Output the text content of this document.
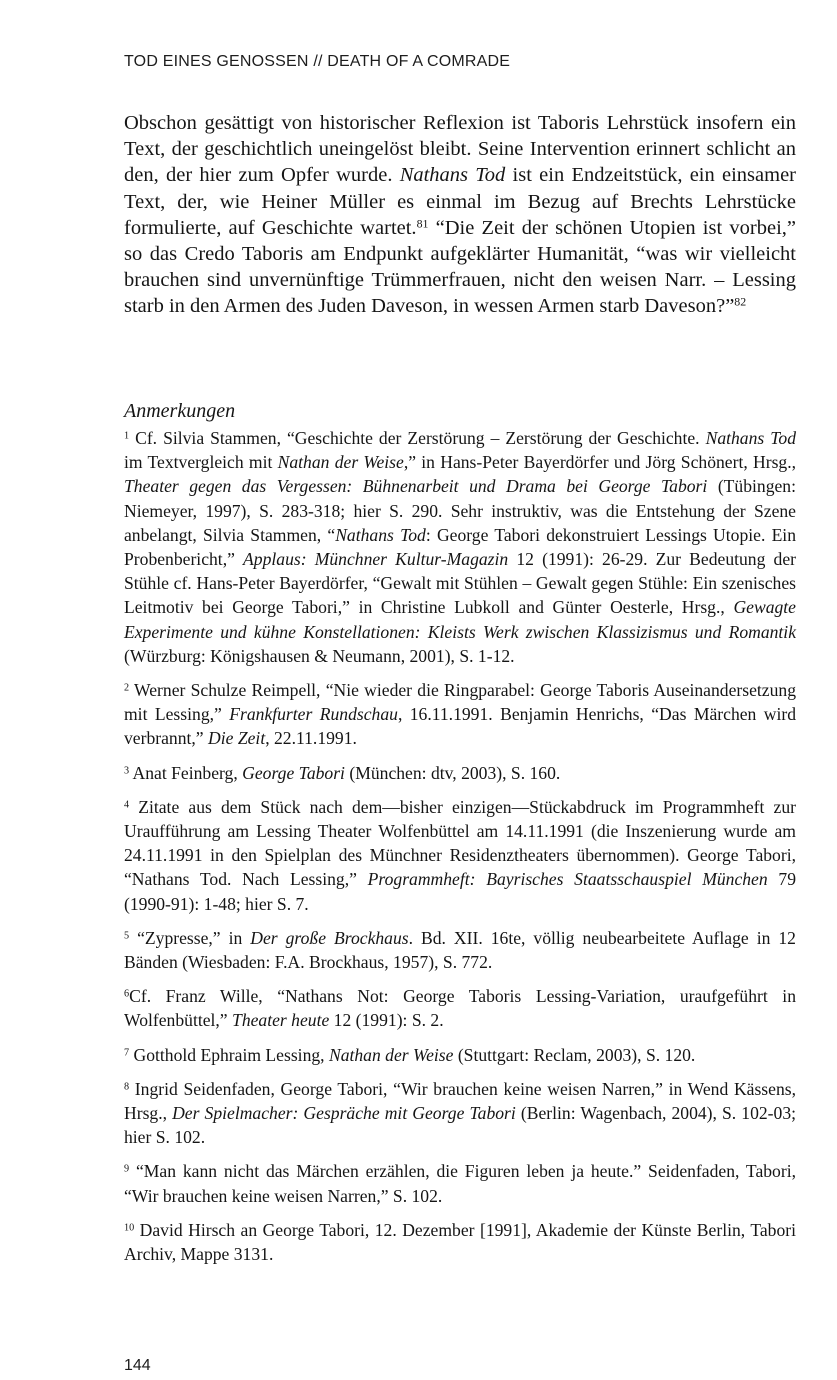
TOD EINES GENOSSEN // DEATH OF A COMRADE

Obschon gesättigt von historischer Reflexion ist Taboris Lehrstück insofern ein Text, der geschichtlich uneingelöst bleibt. Seine Intervention erinnert schlicht an den, der hier zum Opfer wurde. Nathans Tod ist ein Endzeitstück, ein einsamer Text, der, wie Heiner Müller es einmal im Bezug auf Brechts Lehrstücke formulierte, auf Geschichte wartet.$^{81}$ “Die Zeit der schönen Utopien ist vorbei,” so das Credo Taboris am Endpunkt aufgeklärter Humanität, “was wir vielleicht brauchen sind unvernünftige Trümmerfrauen, nicht den weisen Narr. – Lessing starb in den Armen des Juden Daveson, in wessen Armen starb Daveson?”$^{82}$

Anmerkungen

$^1$ Cf. Silvia Stammen, “Geschichte der Zerstörung – Zerstörung der Geschichte. Nathans Tod im Textvergleich mit Nathan der Weise,” in Hans-Peter Bayerdörfer und Jörg Schönert, Hrsg., Theater gegen das Vergessen: Bühnenarbeit und Drama bei George Tabori (Tübingen: Niemeyer, 1997), S. 283-318; hier S. 290. Sehr instruktiv, was die Entstehung der Szene anbelangt, Silvia Stammen, “Nathans Tod: George Tabori dekonstruiert Lessings Utopie. Ein Probenbericht,” Applaus: Münchner Kultur-Magazin 12 (1991): 26-29. Zur Bedeutung der Stühle cf. Hans-Peter Bayerdörfer, “Gewalt mit Stühlen – Gewalt gegen Stühle: Ein szenisches Leitmotiv bei George Tabori,” in Christine Lubkoll and Günter Oesterle, Hrsg., Gewagte Experimente und kühne Konstellationen: Kleists Werk zwischen Klassizismus und Romantik (Würzburg: Königshausen & Neumann, 2001), S. 1-12.

$^2$ Werner Schulze Reimpell, “Nie wieder die Ringparabel: George Taboris Auseinandersetzung mit Lessing,” Frankfurter Rundschau, 16.11.1991. Benjamin Henrichs, “Das Märchen wird verbrannt,” Die Zeit, 22.11.1991.

$^3$ Anat Feinberg, George Tabori (München: dtv, 2003), S. 160.

$^4$ Zitate aus dem Stück nach dem—bisher einzigen—Stückabdruck im Programmheft zur Uraufführung am Lessing Theater Wolfenbüttel am 14.11.1991 (die Inszenierung wurde am 24.11.1991 in den Spielplan des Münchner Residenztheaters übernommen). George Tabori, “Nathans Tod. Nach Lessing,” Programmheft: Bayrisches Staatsschauspiel München 79 (1990-91): 1-48; hier S. 7.

$^5$ “Zypresse,” in Der große Brockhaus. Bd. XII. 16te, völlig neubearbeitete Auflage in 12 Bänden (Wiesbaden: F.A. Brockhaus, 1957), S. 772.

$^6$Cf. Franz Wille, “Nathans Not: George Taboris Lessing-Variation, uraufgeführt in Wolfenbüttel,” Theater heute 12 (1991): S. 2.

$^7$ Gotthold Ephraim Lessing, Nathan der Weise (Stuttgart: Reclam, 2003), S. 120.

$^8$ Ingrid Seidenfaden, George Tabori, “Wir brauchen keine weisen Narren,” in Wend Kässens, Hrsg., Der Spielmacher: Gespräche mit George Tabori (Berlin: Wagenbach, 2004), S. 102-03; hier S. 102.

$^9$ “Man kann nicht das Märchen erzählen, die Figuren leben ja heute.” Seidenfaden, Tabori, “Wir brauchen keine weisen Narren,” S. 102.

$^{10}$ David Hirsch an George Tabori, 12. Dezember [1991], Akademie der Künste Berlin, Tabori Archiv, Mappe 3131.

144
